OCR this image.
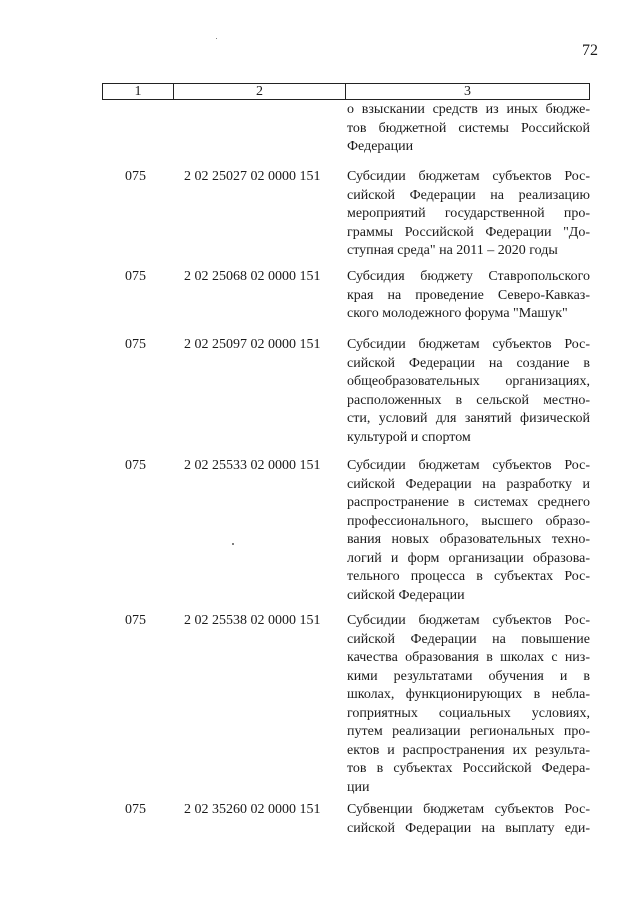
72
1	2	3
о взыскании средств из иных бюдже-
тов бюджетной системы Российской
Федерации
075	2 02 25027 02 0000 151 Субсидии бюджетам субъектов Рос-
сийской Федерации на реализацию
мероприятий государственной про-
граммы Российской Федерации "До-
ступная среда" на 2011 – 2020 годы
075	2 02 25068 02 0000 151 Субсидия бюджету Ставропольского
края на проведение Северо-Кавказ-
ского молодежного форума "Машук"
075	2 02 25097 02 0000 151 Субсидии бюджетам субъектов Рос-
сийской Федерации на создание в
общеобразовательных организациях,
расположенных в сельской местно-
сти, условий для занятий физической
культурой и спортом
075	2 02 25533 02 0000 151 Субсидии бюджетам субъектов Рос-
сийской Федерации на разработку и
распространение в системах среднего
профессионального, высшего образо-
вания новых образовательных техно-
логий и форм организации образова-
тельного процесса в субъектах Рос-
сийской Федерации
075	2 02 25538 02 0000 151 Субсидии бюджетам субъектов Рос-
сийской Федерации на повышение
качества образования в школах с низ-
кими результатами обучения и в
школах, функционирующих в небла-
гоприятных социальных условиях,
путем реализации региональных про-
ектов и распространения их результа-
тов в субъектах Российской Федера-
ции
075	2 02 35260 02 0000 151 Субвенции бюджетам субъектов Рос-
сийской Федерации на выплату еди-
